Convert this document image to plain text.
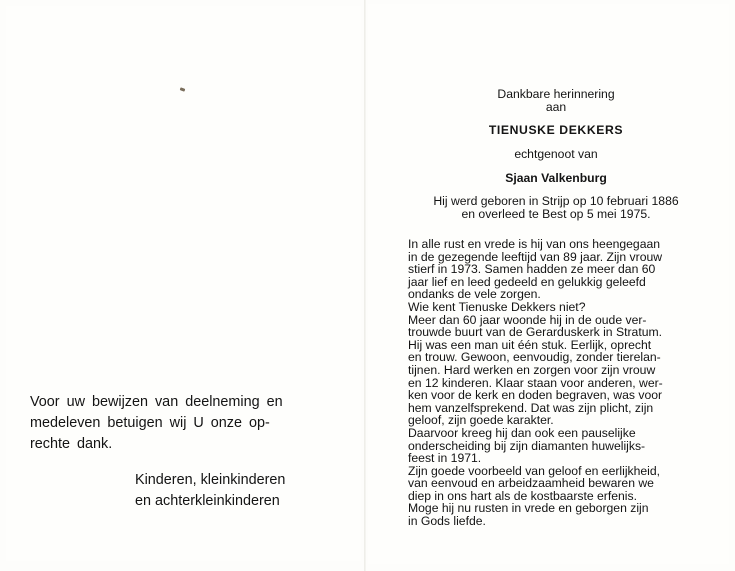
Voor uw bewijzen van deelneming en
medeleven betuigen wij U onze op-
rechte dank.
Kinderen, kleinkinderen
en achterkleinkinderen
Dankbare herinnering
aan
TIENUSKE DEKKERS
echtgenoot van
Sjaan Valkenburg
Hij werd geboren in Strijp op 10 februari 1886
en overleed te Best op 5 mei 1975.
In alle rust en vrede is hij van ons heengegaan
in de gezegende leeftijd van 89 jaar. Zijn vrouw
stierf in 1973. Samen hadden ze meer dan 60
jaar lief en leed gedeeld en gelukkig geleefd
ondanks de vele zorgen.
Wie kent Tienuske Dekkers niet?
Meer dan 60 jaar woonde hij in de oude ver-
trouwde buurt van de Gerarduskerk in Stratum.
Hij was een man uit één stuk. Eerlijk, oprecht
en trouw. Gewoon, eenvoudig, zonder tierelan-
tijnen. Hard werken en zorgen voor zijn vrouw
en 12 kinderen. Klaar staan voor anderen, wer-
ken voor de kerk en doden begraven, was voor
hem vanzelfsprekend. Dat was zijn plicht, zijn
geloof, zijn goede karakter.
Daarvoor kreeg hij dan ook een pauselijke
onderscheiding bij zijn diamanten huwelijks-
feest in 1971.
Zijn goede voorbeeld van geloof en eerlijkheid,
van eenvoud en arbeidzaamheid bewaren we
diep in ons hart als de kostbaarste erfenis.
Moge hij nu rusten in vrede en geborgen zijn
in Gods liefde.
